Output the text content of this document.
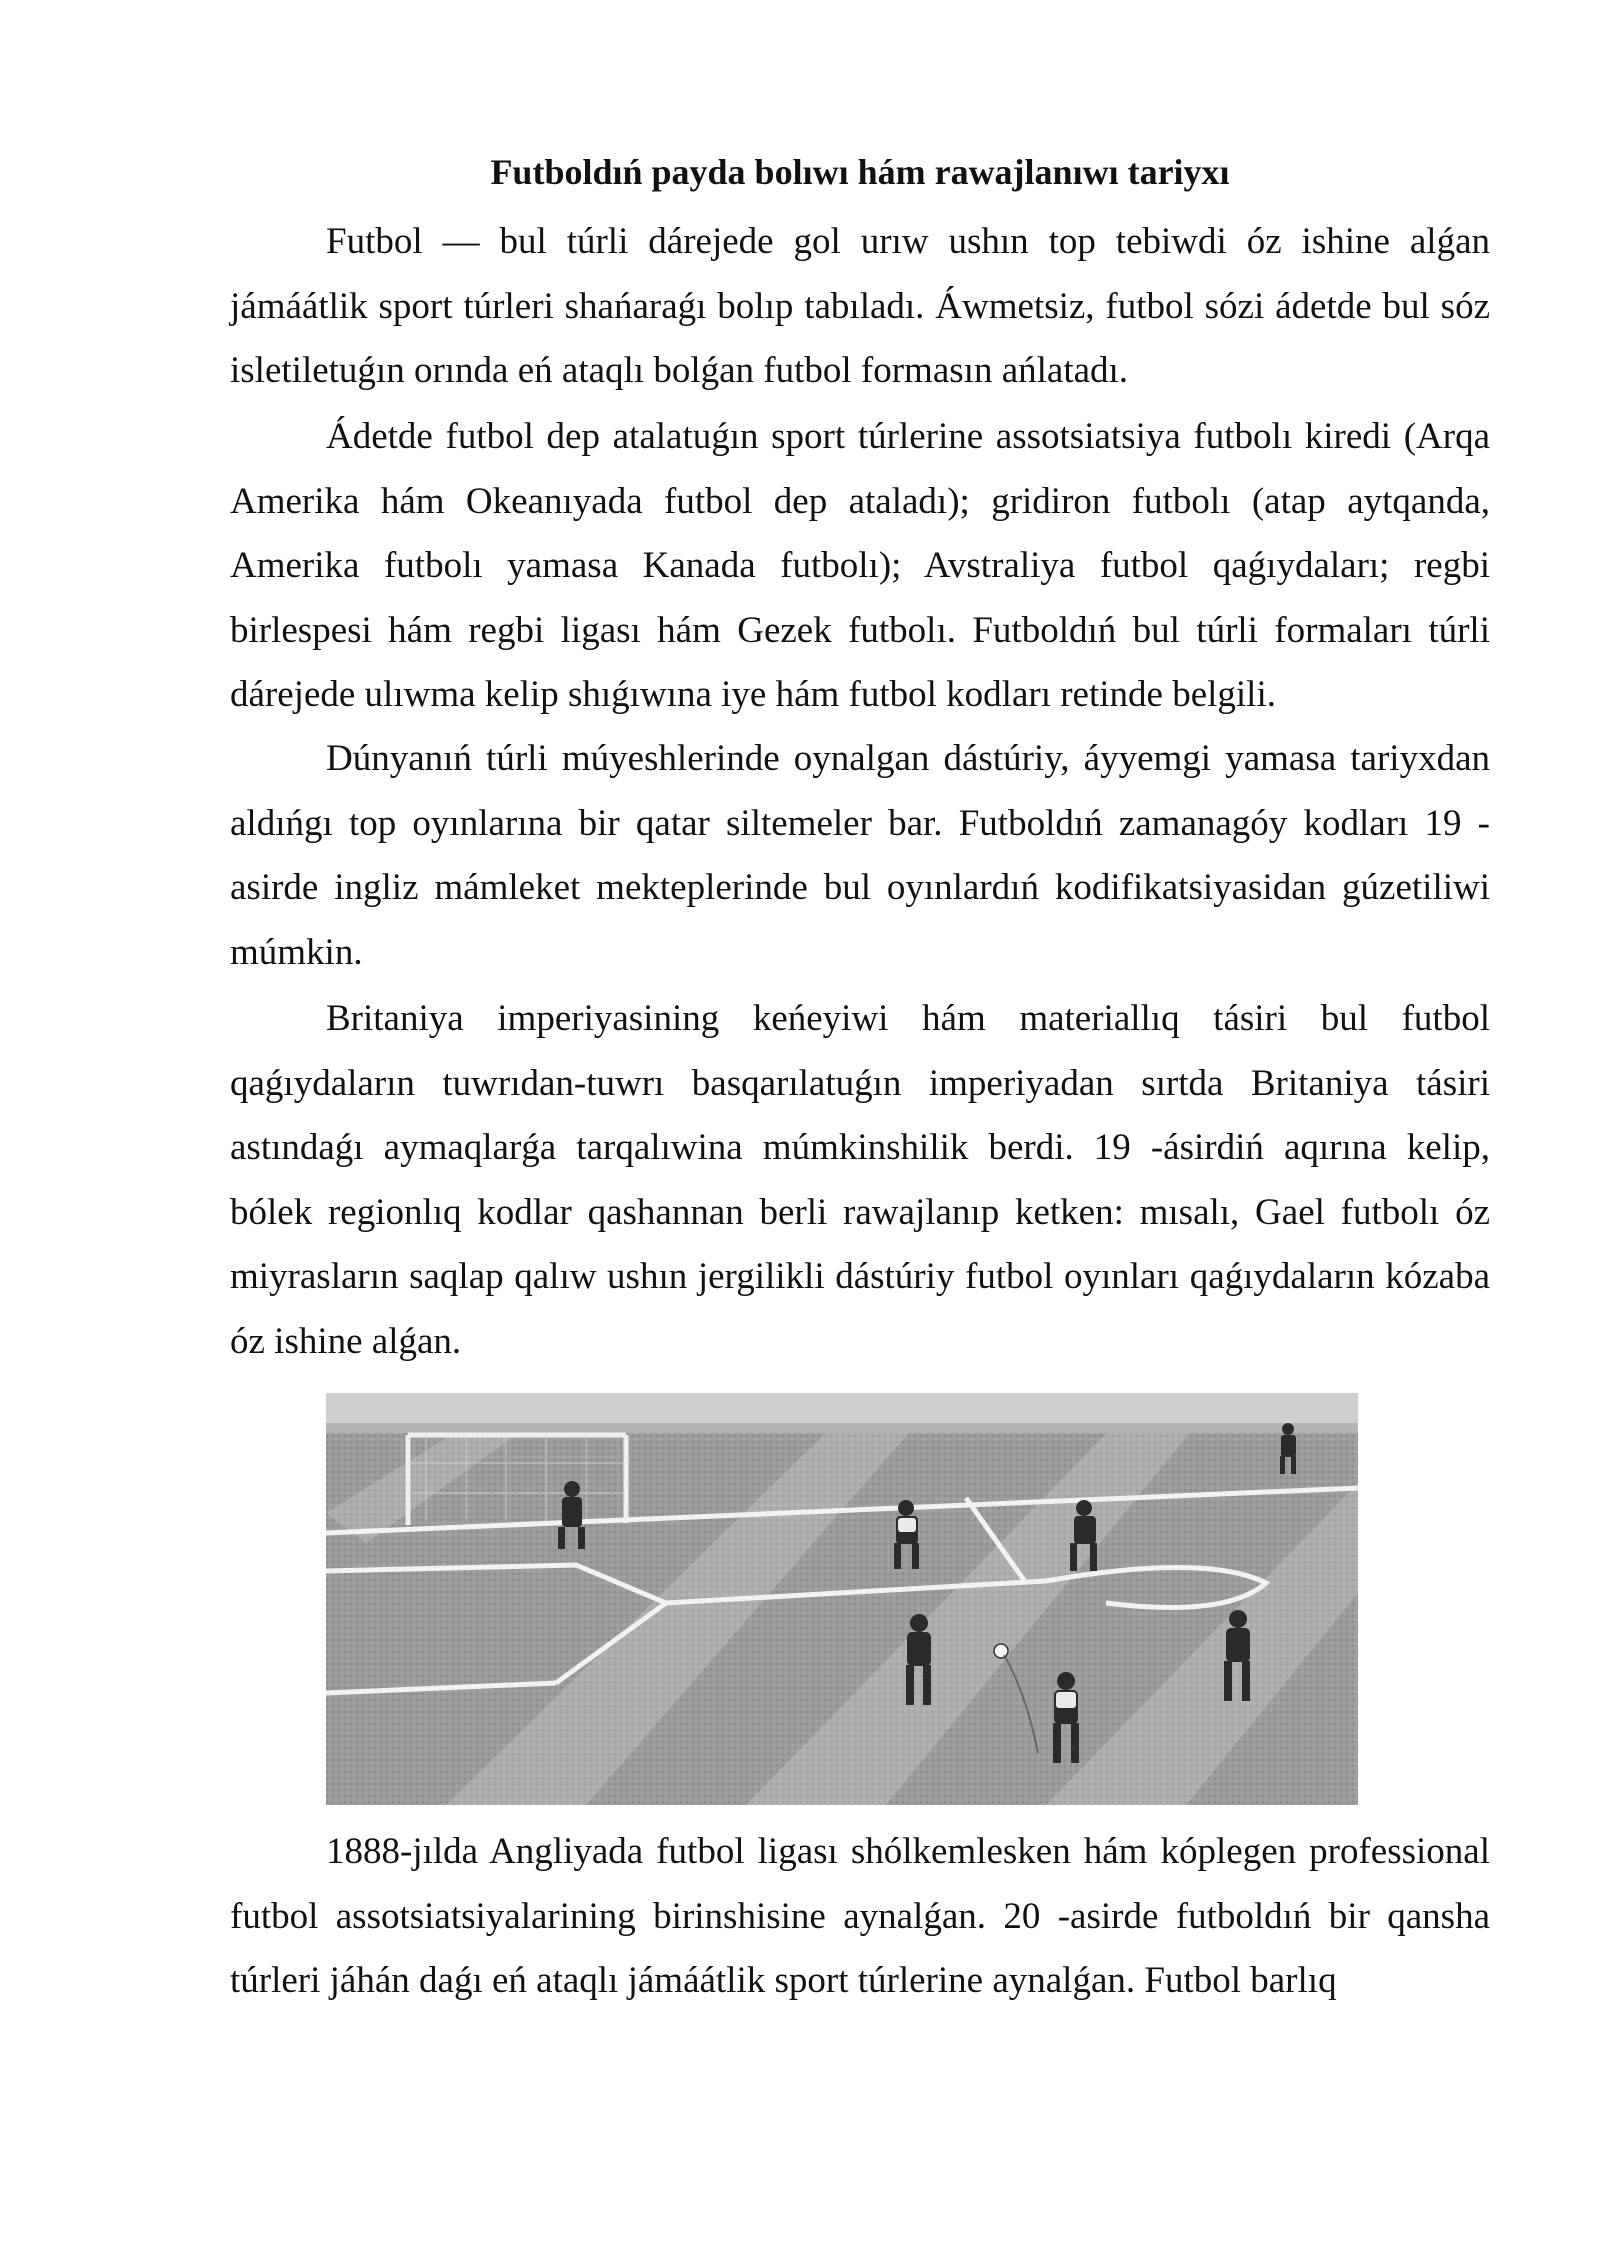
Futboldıń payda bolıwı hám rawajlanıwı tariyxı

Futbol — bul túrli dárejede gol urıw ushın top tebiwdi óz ishine alǵan jámáátlik sport túrleri shańaraǵı bolıp tabıladı. Áwmetsiz, futbol sózi ádetde bul sóz isletiletuǵın orında eń ataqlı bolǵan futbol formasın ańlatadı.

Ádetde futbol dep atalatuǵın sport túrlerine assotsiatsiya futbolı kiredi (Arqa Amerika hám Okeanıyada futbol dep ataladı); gridiron futbolı (atap aytqanda, Amerika futbolı yamasa Kanada futbolı); Avstraliya futbol qaǵıydaları; regbi birlespesi hám regbi ligası hám Gezek futbolı. Futboldıń bul túrli formaları túrli dárejede ulıwma kelip shıǵıwına iye hám futbol kodları retinde belgili.

Dúnyanıń túrli múyeshlerinde oynalgan dástúriy, áyyemgi yamasa tariyxdan aldıńgı top oyınlarına bir qatar siltemeler bar. Futboldıń zamanagóy kodları 19 -asirde ingliz mámleket mekteplerinde bul oyınlardıń kodifikatsiyasidan gúzetiliwi múmkin.

Britaniya imperiyasining keńeyiwi hám materiallıq tásiri bul futbol qaǵıydaların tuwrıdan-tuwrı basqarılatuǵın imperiyadan sırtda Britaniya tásiri astındaǵı aymaqlarǵa tarqalıwina múmkinshilik berdi. 19 -ásirdiń aqırına kelip, bólek regionlıq kodlar qashannan berli rawajlanıp ketken: mısalı, Gael futbolı óz miyrasların saqlap qalıw ushın jergilikli dástúriy futbol oyınları qaǵıydaların kózaba óz ishine alǵan.

1888-jılda Angliyada futbol ligası shólkemlesken hám kóplegen professional futbol assotsiatsiyalarining birinshisine aynalǵan. 20 -asirde futboldıń bir qansha túrleri jáhán daǵı eń ataqlı jámáátlik sport túrlerine aynalǵan. Futbol barlıq
